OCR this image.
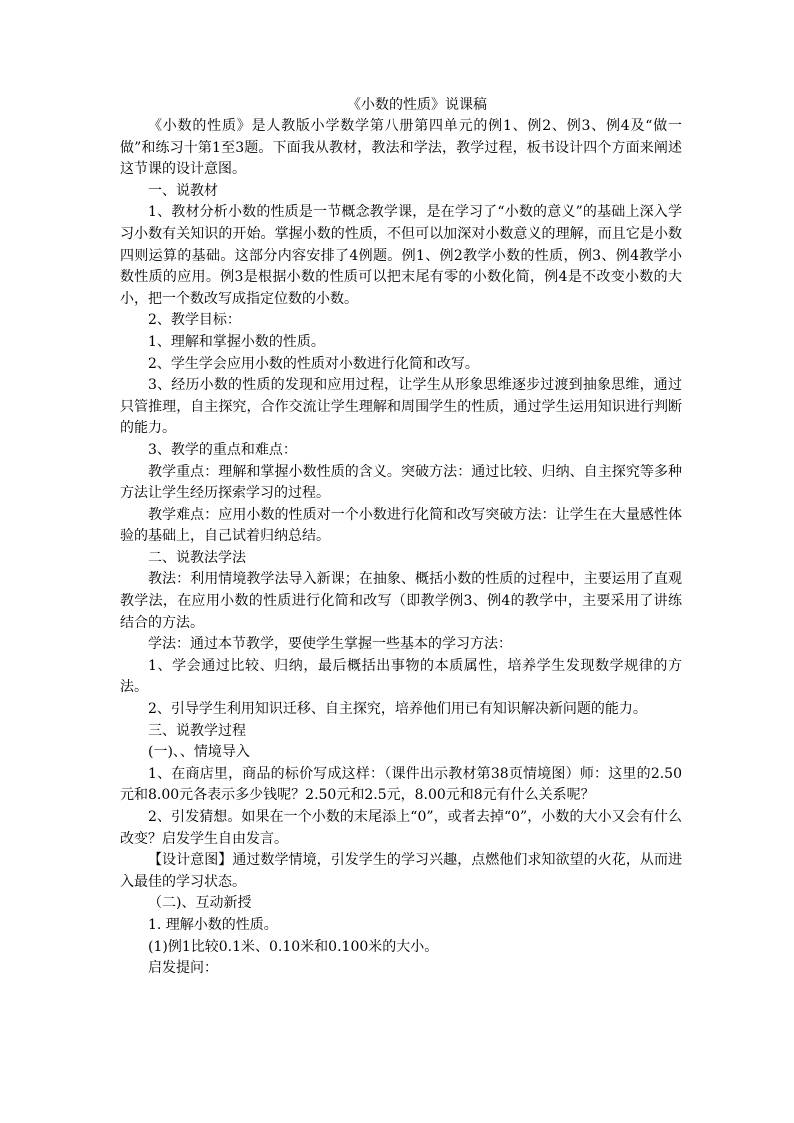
《小数的性质》说课稿

《小数的性质》是人教版小学数学第八册第四单元的例1、例2、例3、例4及“做一做”和练习十第1至3题。下面我从教材，教法和学法，教学过程，板书设计四个方面来阐述这节课的设计意图。

一、说教材

1、教材分析小数的性质是一节概念教学课，是在学习了“小数的意义”的基础上深入学习小数有关知识的开始。掌握小数的性质，不但可以加深对小数意义的理解，而且它是小数四则运算的基础。这部分内容安排了4例题。例1、例2教学小数的性质，例3、例4教学小数性质的应用。例3是根据小数的性质可以把末尾有零的小数化简，例4是不改变小数的大小，把一个数改写成指定位数的小数。

2、教学目标：

1、理解和掌握小数的性质。

2、学生学会应用小数的性质对小数进行化简和改写。

3、经历小数的性质的发现和应用过程，让学生从形象思维逐步过渡到抽象思维，通过只管推理，自主探究，合作交流让学生理解和周围学生的性质，通过学生运用知识进行判断的能力。

3、教学的重点和难点：

教学重点：理解和掌握小数性质的含义。突破方法：通过比较、归纳、自主探究等多种方法让学生经历探索学习的过程。

教学难点：应用小数的性质对一个小数进行化简和改写突破方法：让学生在大量感性体验的基础上，自己试着归纳总结。

二、说教法学法

教法：利用情境教学法导入新课；在抽象、概括小数的性质的过程中，主要运用了直观教学法，在应用小数的性质进行化简和改写（即教学例3、例4的教学中，主要采用了讲练结合的方法。

学法：通过本节教学，要使学生掌握一些基本的学习方法：

1、学会通过比较、归纳，最后概括出事物的本质属性，培养学生发现数学规律的方法。

2、引导学生利用知识迁移、自主探究，培养他们用已有知识解决新问题的能力。

三、说教学过程

(一)、、情境导入

1、在商店里，商品的标价写成这样：（课件出示教材第38页情境图）师：这里的2.50元和8.00元各表示多少钱呢？2.50元和2.5元，8.00元和8元有什么关系呢？

2、引发猜想。如果在一个小数的末尾添上“0”，或者去掉“0”，小数的大小又会有什么改变？启发学生自由发言。

【设计意图】通过数学情境，引发学生的学习兴趣，点燃他们求知欲望的火花，从而进入最佳的学习状态。

（二)、互动新授

1. 理解小数的性质。

(1)例1比较0.1米、0.10米和0.100米的大小。

启发提问：
